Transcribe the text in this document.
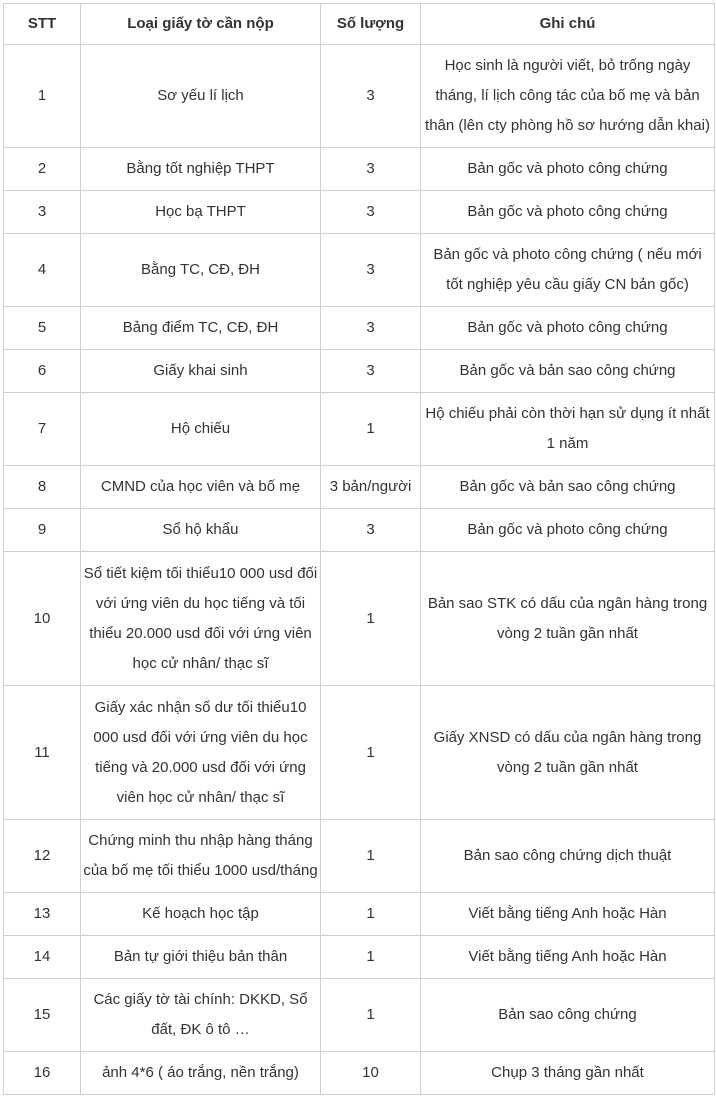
STT	Loại giấy tờ cần nộp	Số lượng	Ghi chú
1	Sơ yếu lí lịch	3	Học sinh là người viết, bỏ trống ngày tháng, lí lịch công tác của bố mẹ và bản thân (lên cty phòng hồ sơ hướng dẫn khai)
2	Bằng tốt nghiệp THPT	3	Bản gốc và photo công chứng
3	Học bạ THPT	3	Bản gốc và photo công chứng
4	Bằng TC, CĐ, ĐH	3	Bản gốc và photo công chứng ( nếu mới tốt nghiệp yêu cầu giấy CN bản gốc)
5	Bảng điểm TC, CĐ, ĐH	3	Bản gốc và photo công chứng
6	Giấy khai sinh	3	Bản gốc và bản sao công chứng
7	Hộ chiếu	1	Hộ chiếu phải còn thời hạn sử dụng ít nhất 1 năm
8	CMND của học viên và bố mẹ	3 bản/người	Bản gốc và bản sao công chứng
9	Sổ hộ khẩu	3	Bản gốc và photo công chứng
10	Sổ tiết kiệm tối thiểu10 000 usd đối với ứng viên du học tiếng và tối thiểu 20.000 usd đối với ứng viên học cử nhân/ thạc sĩ	1	Bản sao STK có dấu của ngân hàng trong vòng 2 tuần gần nhất
11	Giấy xác nhận số dư tối thiểu10 000 usd đối với ứng viên du học tiếng và 20.000 usd đối với ứng viên học cử nhân/ thạc sĩ	1	Giấy XNSD có dấu của ngân hàng trong vòng 2 tuần gần nhất
12	Chứng minh thu nhập hàng tháng của bố mẹ tối thiểu 1000 usd/tháng	1	Bản sao công chứng dịch thuật
13	Kế hoạch học tập	1	Viết bằng tiếng Anh hoặc Hàn
14	Bản tự giới thiệu bản thân	1	Viết bằng tiếng Anh hoặc Hàn
15	Các giấy tờ tài chính: DKKD, Sổ đất, ĐK ô tô …	1	Bản sao công chứng
16	ảnh 4*6 ( áo trắng, nền trắng)	10	Chụp 3 tháng gần nhất
